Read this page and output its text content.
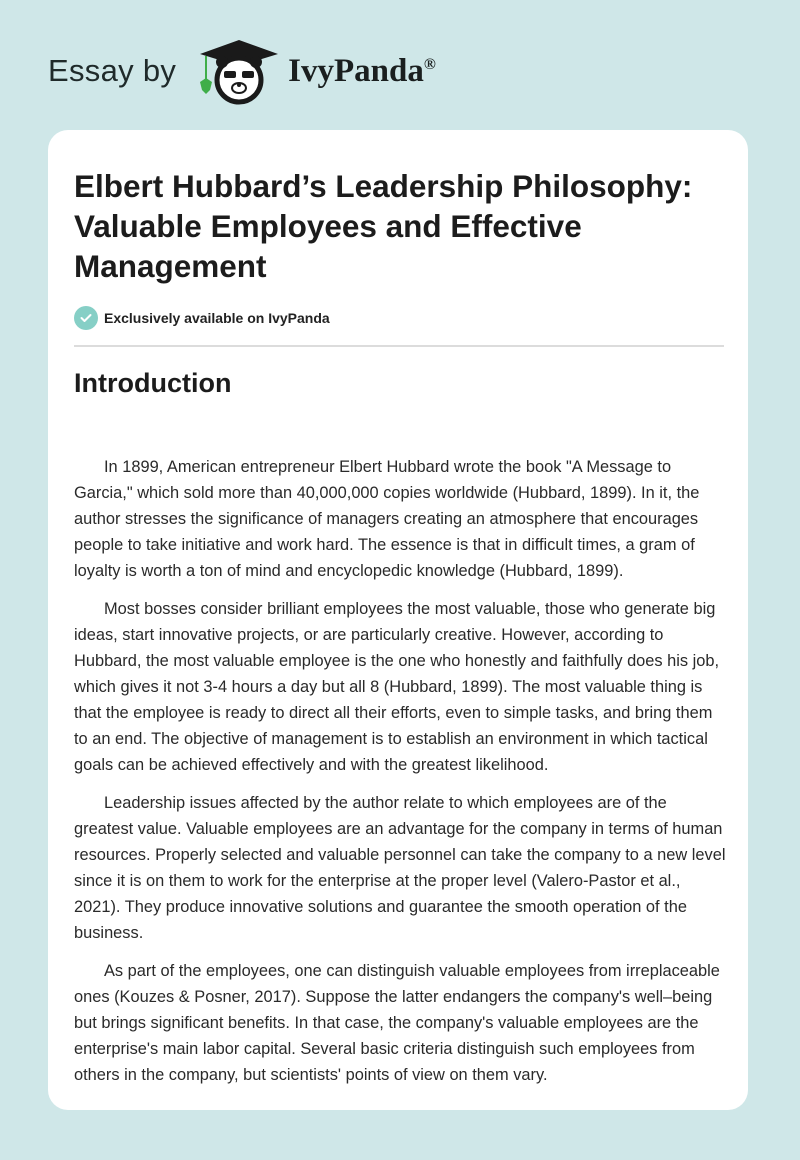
Essay by	IvyPanda®
Elbert Hubbard’s Leadership Philosophy: Valuable Employees and Effective Management
Exclusively available on IvyPanda
Introduction

In 1899, American entrepreneur Elbert Hubbard wrote the book "A Message to Garcia," which sold more than 40,000,000 copies worldwide (Hubbard, 1899). In it, the author stresses the significance of managers creating an atmosphere that encourages people to take initiative and work hard. The essence is that in difficult times, a gram of loyalty is worth a ton of mind and encyclopedic knowledge (Hubbard, 1899).

Most bosses consider brilliant employees the most valuable, those who generate big ideas, start innovative projects, or are particularly creative. However, according to Hubbard, the most valuable employee is the one who honestly and faithfully does his job, which gives it not 3-4 hours a day but all 8 (Hubbard, 1899). The most valuable thing is that the employee is ready to direct all their efforts, even to simple tasks, and bring them to an end. The objective of management is to establish an environment in which tactical goals can be achieved effectively and with the greatest likelihood.

Leadership issues affected by the author relate to which employees are of the greatest value. Valuable employees are an advantage for the company in terms of human resources. Properly selected and valuable personnel can take the company to a new level since it is on them to work for the enterprise at the proper level (Valero-Pastor et al., 2021). They produce innovative solutions and guarantee the smooth operation of the business.

As part of the employees, one can distinguish valuable employees from irreplaceable ones (Kouzes & Posner, 2017). Suppose the latter endangers the company's well–being but brings significant benefits. In that case, the company's valuable employees are the enterprise's main labor capital. Several basic criteria distinguish such employees from others in the company, but scientists' points of view on them vary.
